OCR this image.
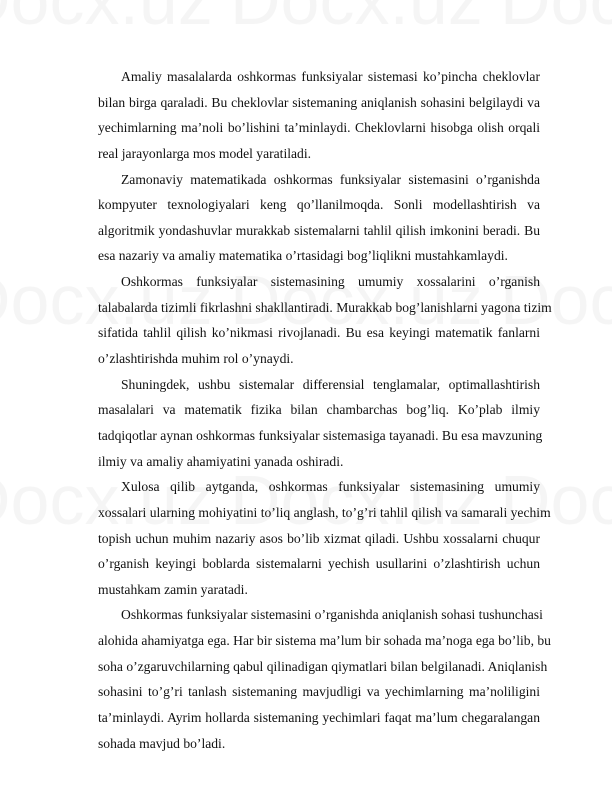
Amaliy masalalarda oshkormas funksiyalar sistemasi ko’pincha cheklovlar
bilan birga qaraladi. Bu cheklovlar sistemaning aniqlanish sohasini belgilaydi va
yechimlarning ma’noli bo’lishini ta’minlaydi. Cheklovlarni hisobga olish orqali
real jarayonlarga mos model yaratiladi.
Zamonaviy matematikada oshkormas funksiyalar sistemasini o’rganishda
kompyuter texnologiyalari keng qo’llanilmoqda. Sonli modellashtirish va
algoritmik yondashuvlar murakkab sistemalarni tahlil qilish imkonini beradi. Bu
esa nazariy va amaliy matematika o’rtasidagi bog’liqlikni mustahkamlaydi.
Oshkormas funksiyalar sistemasining umumiy xossalarini o’rganish
talabalarda tizimli fikrlashni shakllantiradi. Murakkab bog’lanishlarni yagona tizim
sifatida tahlil qilish ko’nikmasi rivojlanadi. Bu esa keyingi matematik fanlarni
o’zlashtirishda muhim rol o’ynaydi.
Shuningdek, ushbu sistemalar differensial tenglamalar, optimallashtirish
masalalari va matematik fizika bilan chambarchas bog’liq. Ko’plab ilmiy
tadqiqotlar aynan oshkormas funksiyalar sistemasiga tayanadi. Bu esa mavzuning
ilmiy va amaliy ahamiyatini yanada oshiradi.
Xulosa qilib aytganda, oshkormas funksiyalar sistemasining umumiy
xossalari ularning mohiyatini to’liq anglash, to’g’ri tahlil qilish va samarali yechim
topish uchun muhim nazariy asos bo’lib xizmat qiladi. Ushbu xossalarni chuqur
o’rganish keyingi boblarda sistemalarni yechish usullarini o’zlashtirish uchun
mustahkam zamin yaratadi.
Oshkormas funksiyalar sistemasini o’rganishda aniqlanish sohasi tushunchasi
alohida ahamiyatga ega. Har bir sistema ma’lum bir sohada ma’noga ega bo’lib, bu
soha o’zgaruvchilarning qabul qilinadigan qiymatlari bilan belgilanadi. Aniqlanish
sohasini to’g’ri tanlash sistemaning mavjudligi va yechimlarning ma’noliligini
ta’minlaydi. Ayrim hollarda sistemaning yechimlari faqat ma’lum chegaralangan
sohada mavjud bo’ladi.
